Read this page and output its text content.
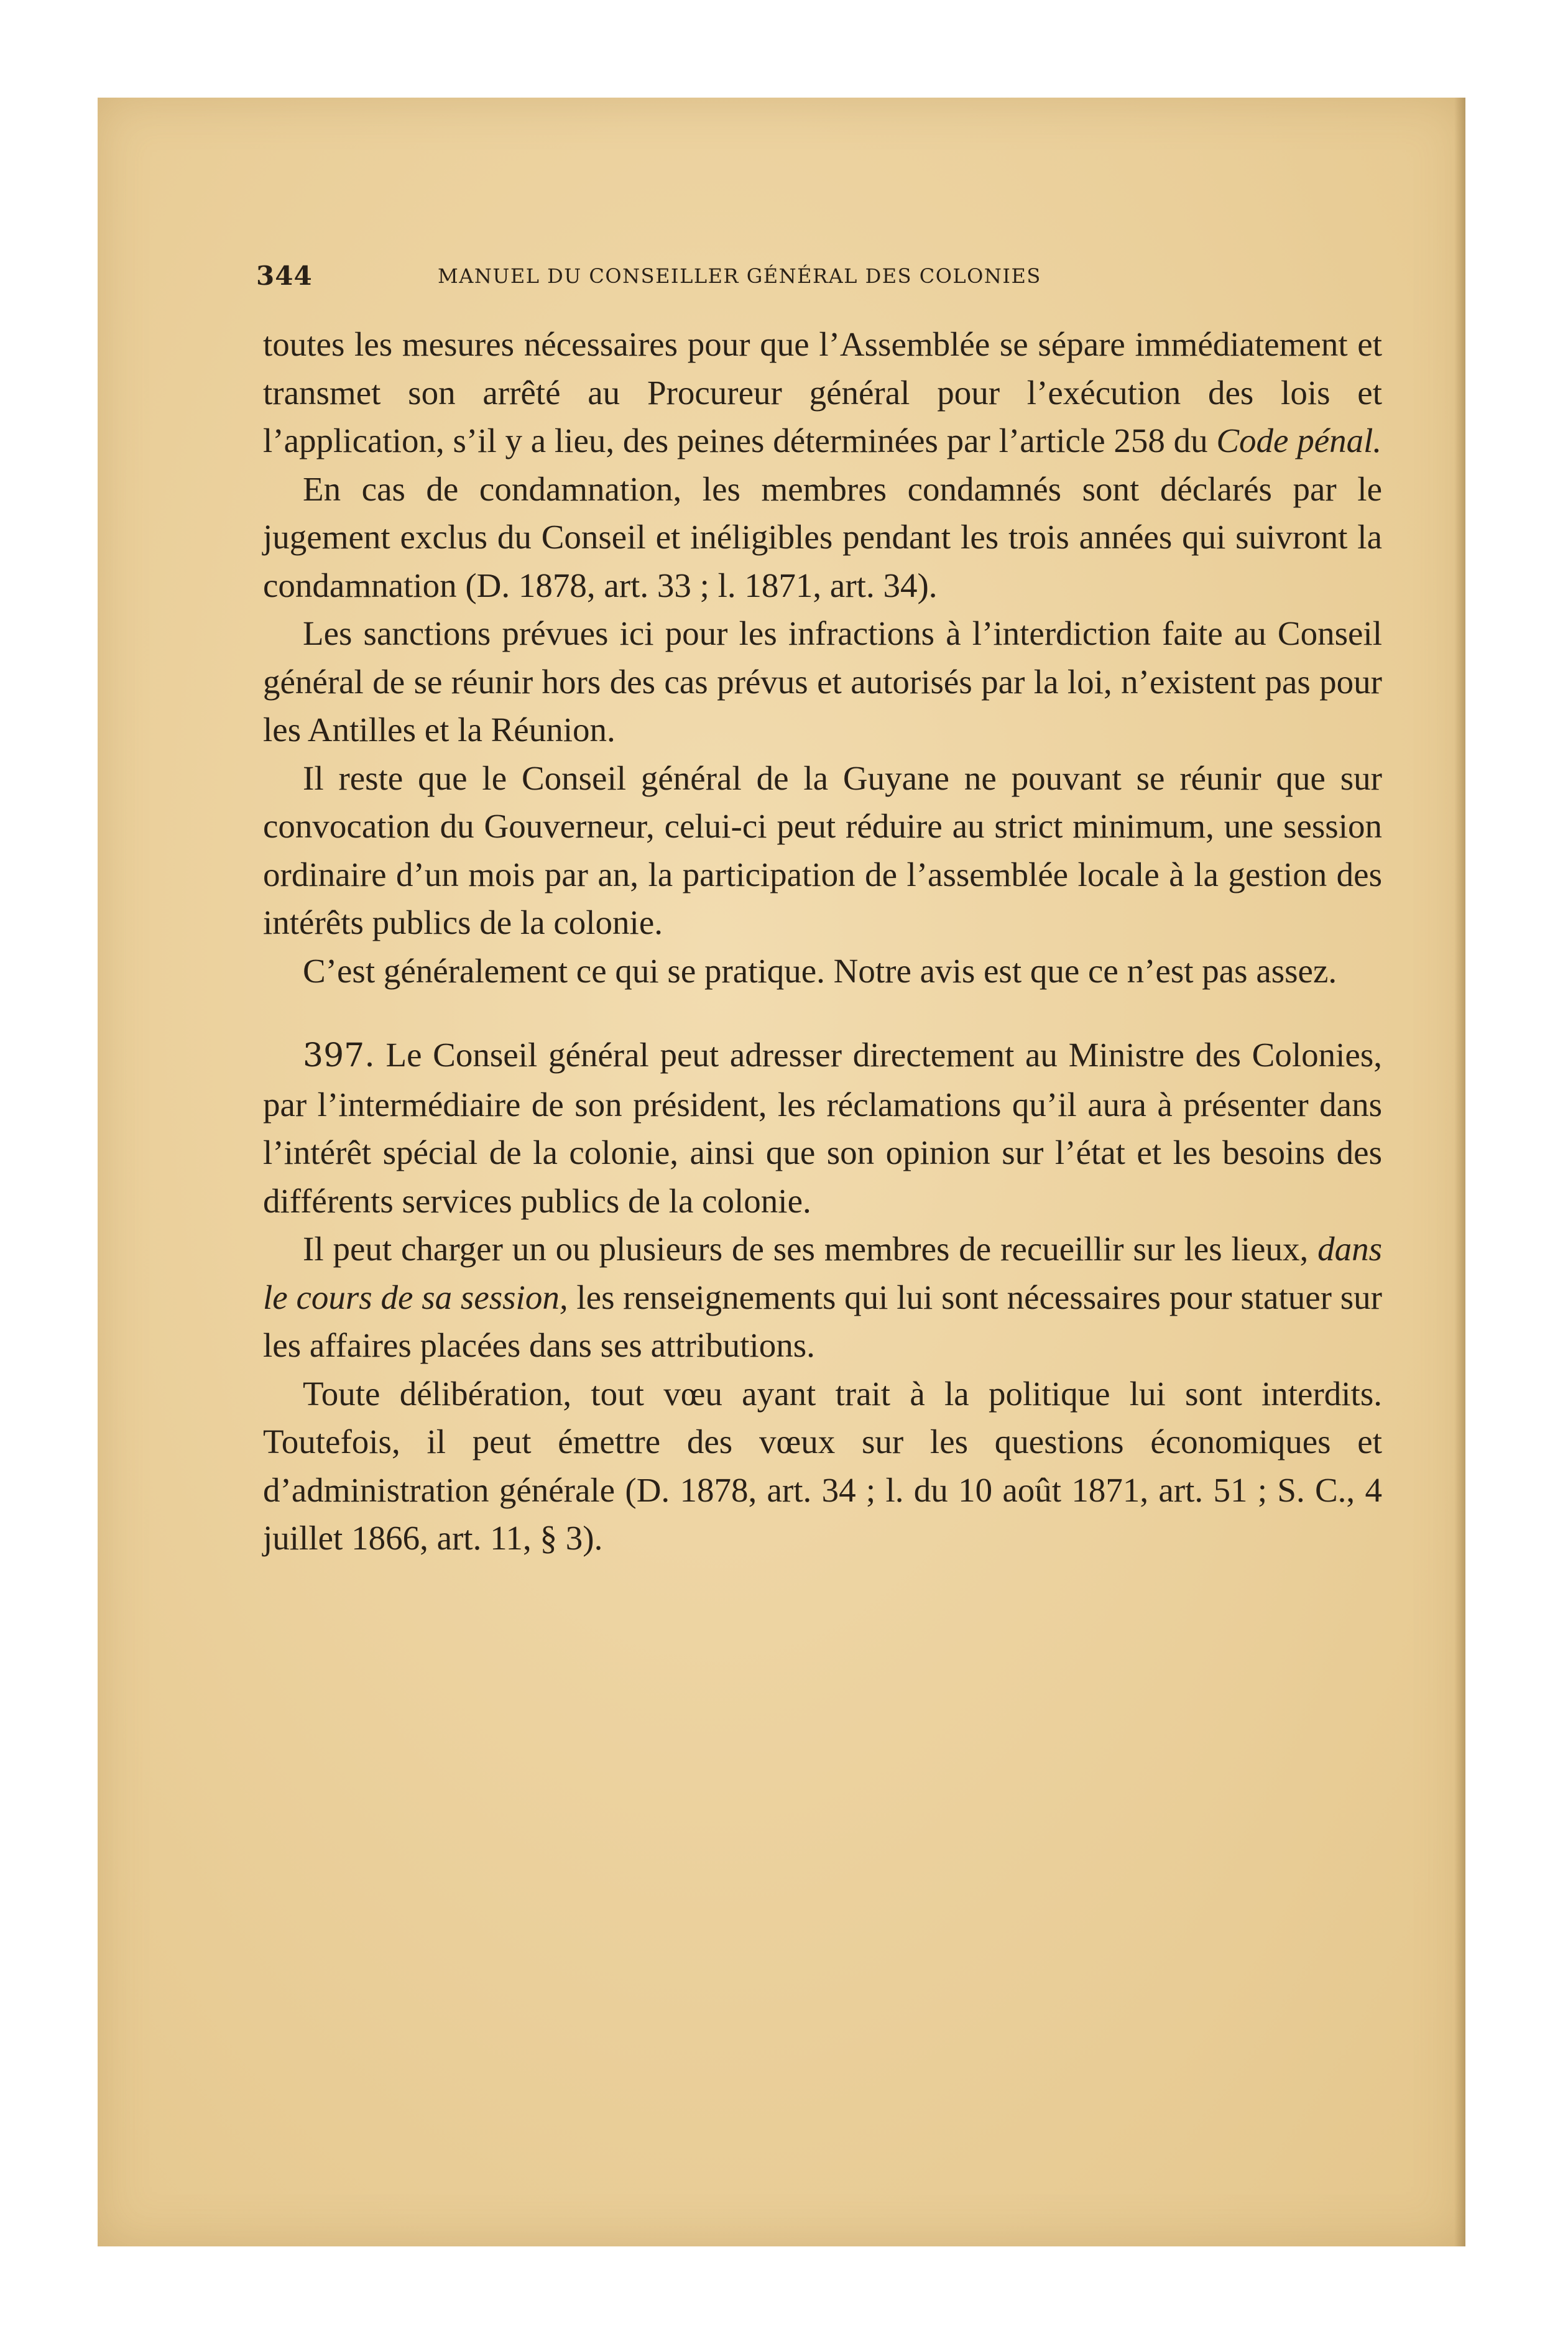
344	MANUEL DU CONSEILLER GÉNÉRAL DES COLONIES

toutes les mesures nécessaires pour que l’Assemblée se sépare immédiatement et transmet son arrêté au Procureur général pour l’exécution des lois et l’application, s’il y a lieu, des peines déterminées par l’article 258 du Code pénal.

En cas de condamnation, les membres condamnés sont déclarés par le jugement exclus du Conseil et inéligibles pendant les trois années qui suivront la condamnation (D. 1878, art. 33 ; l. 1871, art. 34).

Les sanctions prévues ici pour les infractions à l’interdiction faite au Conseil général de se réunir hors des cas prévus et autorisés par la loi, n’existent pas pour les Antilles et la Réunion.

Il reste que le Conseil général de la Guyane ne pouvant se réunir que sur convocation du Gouverneur, celui-ci peut réduire au strict minimum, une session ordinaire d’un mois par an, la participation de l’assemblée locale à la gestion des intérêts publics de la colonie.

C’est généralement ce qui se pratique. Notre avis est que ce n’est pas assez.

397. Le Conseil général peut adresser directement au Ministre des Colonies, par l’intermédiaire de son président, les réclamations qu’il aura à présenter dans l’intérêt spécial de la colonie, ainsi que son opinion sur l’état et les besoins des différents services publics de la colonie.

Il peut charger un ou plusieurs de ses membres de recueillir sur les lieux, dans le cours de sa session, les renseignements qui lui sont nécessaires pour statuer sur les affaires placées dans ses attributions.

Toute délibération, tout vœu ayant trait à la politique lui sont interdits. Toutefois, il peut émettre des vœux sur les questions économiques et d’administration générale (D. 1878, art. 34 ; l. du 10 août 1871, art. 51 ; S. C., 4 juillet 1866, art. 11, § 3).
